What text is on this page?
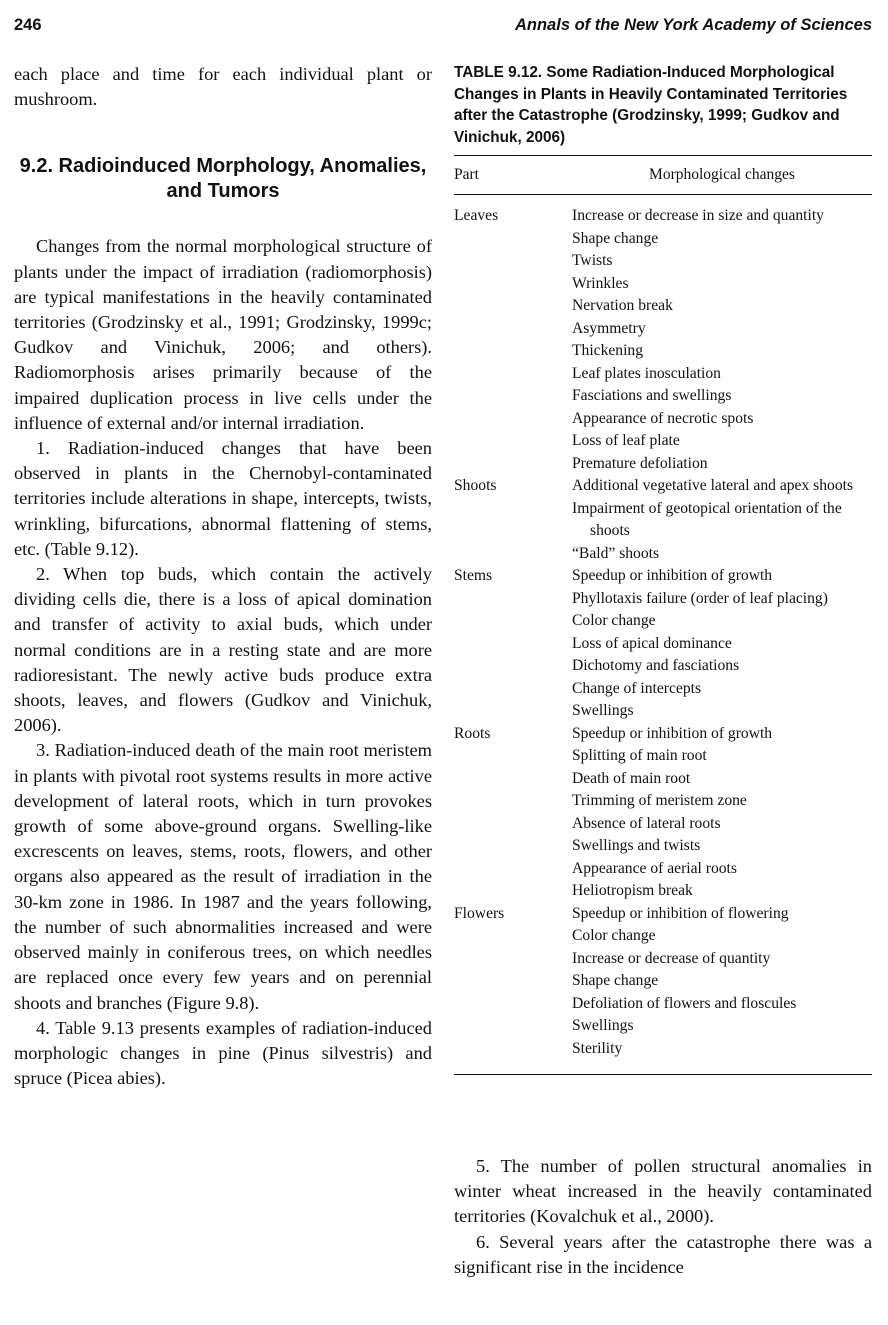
246	Annals of the New York Academy of Sciences

each place and time for each individual plant or mushroom.

9.2. Radioinduced Morphology, Anomalies, and Tumors

Changes from the normal morphological structure of plants under the impact of irradiation (radiomorphosis) are typical manifestations in the heavily contaminated territories (Grodzinsky et al., 1991; Grodzinsky, 1999c; Gudkov and Vinichuk, 2006; and others). Radiomorphosis arises primarily because of the impaired duplication process in live cells under the influence of external and/or internal irradiation.

1. Radiation-induced changes that have been observed in plants in the Chernobyl-contaminated territories include alterations in shape, intercepts, twists, wrinkling, bifurcations, abnormal flattening of stems, etc. (Table 9.12).

2. When top buds, which contain the actively dividing cells die, there is a loss of apical domination and transfer of activity to axial buds, which under normal conditions are in a resting state and are more radioresistant. The newly active buds produce extra shoots, leaves, and flowers (Gudkov and Vinichuk, 2006).

3. Radiation-induced death of the main root meristem in plants with pivotal root systems results in more active development of lateral roots, which in turn provokes growth of some above-ground organs. Swelling-like excrescents on leaves, stems, roots, flowers, and other organs also appeared as the result of irradiation in the 30-km zone in 1986. In 1987 and the years following, the number of such abnormalities increased and were observed mainly in coniferous trees, on which needles are replaced once every few years and on perennial shoots and branches (Figure 9.8).

4. Table 9.13 presents examples of radiation-induced morphologic changes in pine (Pinus silvestris) and spruce (Picea abies).

TABLE 9.12. Some Radiation-Induced Morphological Changes in Plants in Heavily Contaminated Territories after the Catastrophe (Grodzinsky, 1999; Gudkov and Vinichuk, 2006)

Part	Morphological changes
Leaves	Increase or decrease in size and quantity
Shape change
Twists
Wrinkles
Nervation break
Asymmetry
Thickening
Leaf plates inosculation
Fasciations and swellings
Appearance of necrotic spots
Loss of leaf plate
Premature defoliation
Shoots	Additional vegetative lateral and apex shoots
Impairment of geotopical orientation of the shoots
“Bald” shoots
Stems	Speedup or inhibition of growth
Phyllotaxis failure (order of leaf placing)
Color change
Loss of apical dominance
Dichotomy and fasciations
Change of intercepts
Swellings
Roots	Speedup or inhibition of growth
Splitting of main root
Death of main root
Trimming of meristem zone
Absence of lateral roots
Swellings and twists
Appearance of aerial roots
Heliotropism break
Flowers	Speedup or inhibition of flowering
Color change
Increase or decrease of quantity
Shape change
Defoliation of flowers and floscules
Swellings
Sterility

5. The number of pollen structural anomalies in winter wheat increased in the heavily contaminated territories (Kovalchuk et al., 2000).

6. Several years after the catastrophe there was a significant rise in the incidence
